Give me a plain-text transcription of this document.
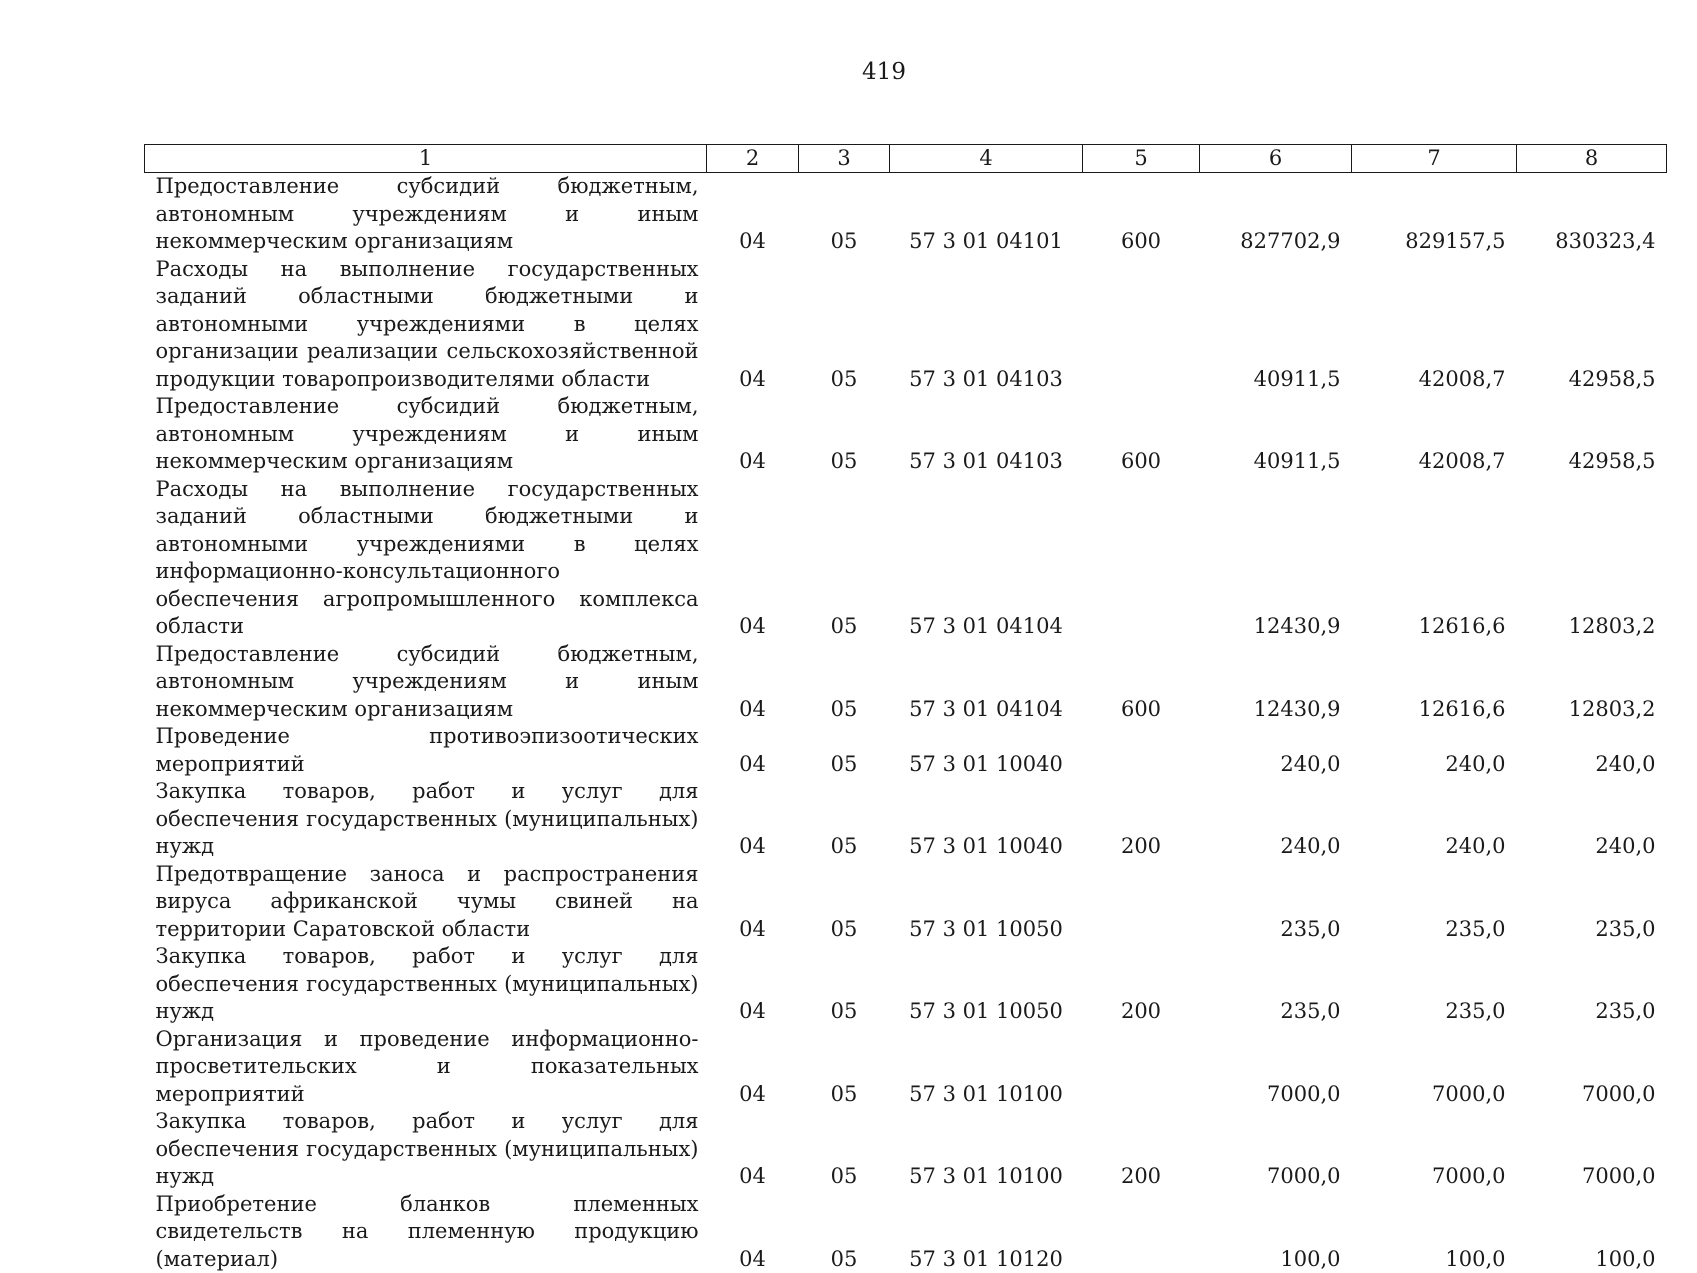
419
1	2	3	4	5	6	7	8
Предоставление субсидий бюджетным, автономным учреждениям и иным некоммерческим организациям	04	05	57 3 01 04101	600	827702,9	829157,5	830323,4
Расходы на выполнение государственных заданий областными бюджетными и автономными учреждениями в целях организации реализации сельскохозяйственной продукции товаропроизводителями области	04	05	57 3 01 04103		40911,5	42008,7	42958,5
Предоставление субсидий бюджетным, автономным учреждениям и иным некоммерческим организациям	04	05	57 3 01 04103	600	40911,5	42008,7	42958,5
Расходы на выполнение государственных заданий областными бюджетными и автономными учреждениями в целях информационно-консультационного обеспечения агропромышленного комплекса области	04	05	57 3 01 04104		12430,9	12616,6	12803,2
Предоставление субсидий бюджетным, автономным учреждениям и иным некоммерческим организациям	04	05	57 3 01 04104	600	12430,9	12616,6	12803,2
Проведение противоэпизоотических мероприятий	04	05	57 3 01 10040		240,0	240,0	240,0
Закупка товаров, работ и услуг для обеспечения государственных (муниципальных) нужд	04	05	57 3 01 10040	200	240,0	240,0	240,0
Предотвращение заноса и распространения вируса африканской чумы свиней на территории Саратовской области	04	05	57 3 01 10050		235,0	235,0	235,0
Закупка товаров, работ и услуг для обеспечения государственных (муниципальных) нужд	04	05	57 3 01 10050	200	235,0	235,0	235,0
Организация и проведение информационно-просветительских и показательных мероприятий	04	05	57 3 01 10100		7000,0	7000,0	7000,0
Закупка товаров, работ и услуг для обеспечения государственных (муниципальных) нужд	04	05	57 3 01 10100	200	7000,0	7000,0	7000,0
Приобретение бланков племенных свидетельств на племенную продукцию (материал)	04	05	57 3 01 10120		100,0	100,0	100,0
